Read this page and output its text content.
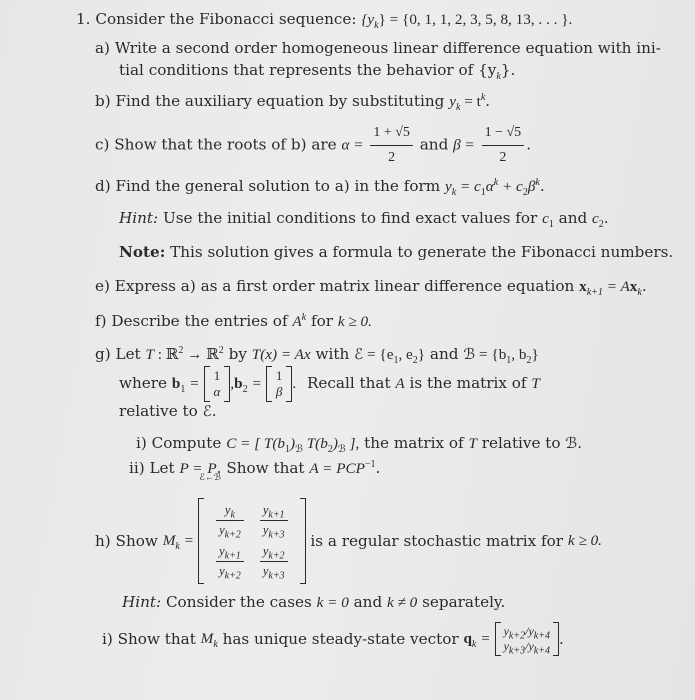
1. Consider the Fibonacci sequence: $\{y_k\} = \{0$, 1, 1, 2, 3, 5, 8, 13, . . . }.
a) Write a second order homogeneous linear difference equation with ini-
tial conditions that represents the behavior of $\{y_k\}$.
b) Find the auxiliary equation by substituting $y_k = t^k$.
c) Show that the roots of b) are $\alpha = \frac{1 + √5}{2}$ and $\beta = \frac{1 - √5}{2}$ .
d) Find the general solution to a) in the form $y_k = c_1\alpha^k + c_2\beta^k$.
Hint: Use the initial conditions to find exact values for $c_1$ and $c_2$.
Note: This solution gives a formula to generate the Fibonacci numbers.
e) Express a) as a first order matrix linear difference equation $x_{k+1} = Ax_k$.
f) Describe the entries of $A^k$ for k ≥ 0.
g) Let T : ℝ$^2$ → ℝ$^2$ by T(x) = Ax with ℰ = {$e_1$, $e_2$} and ℬ = {$b_1$, $b_2$}
where $b_1 = 1$
α $,b_2 = 1$
β . Recall that A is the matrix of T
relative to ℰ.
i) Compute C = [ $T(b_1)_ℬ$ $T(b_2)_ℬ$ ], the matrix of T relative to ℬ.
ii) Let P = P
ℰ←ℬ
. Show that $A = PCP^{-1}$.
h) Show $M_k$ =
$y_k$
$y_{k+2}$

$y_{k+1}$
$y_{k+3}$

$y_{k+1}$
$y_{k+2}$

$y_{k+2}$
$y_{k+3}$
is a regular stochastic matrix for k ≥ 0.
Hint: Consider the cases k = 0 and k ≠ 0 separately.
i) Show that $M_k$ has unique steady-state vector $q_k = y_{k+2}/y_{k+4}$
$y_{k+3}/y_{k+4}$
.
